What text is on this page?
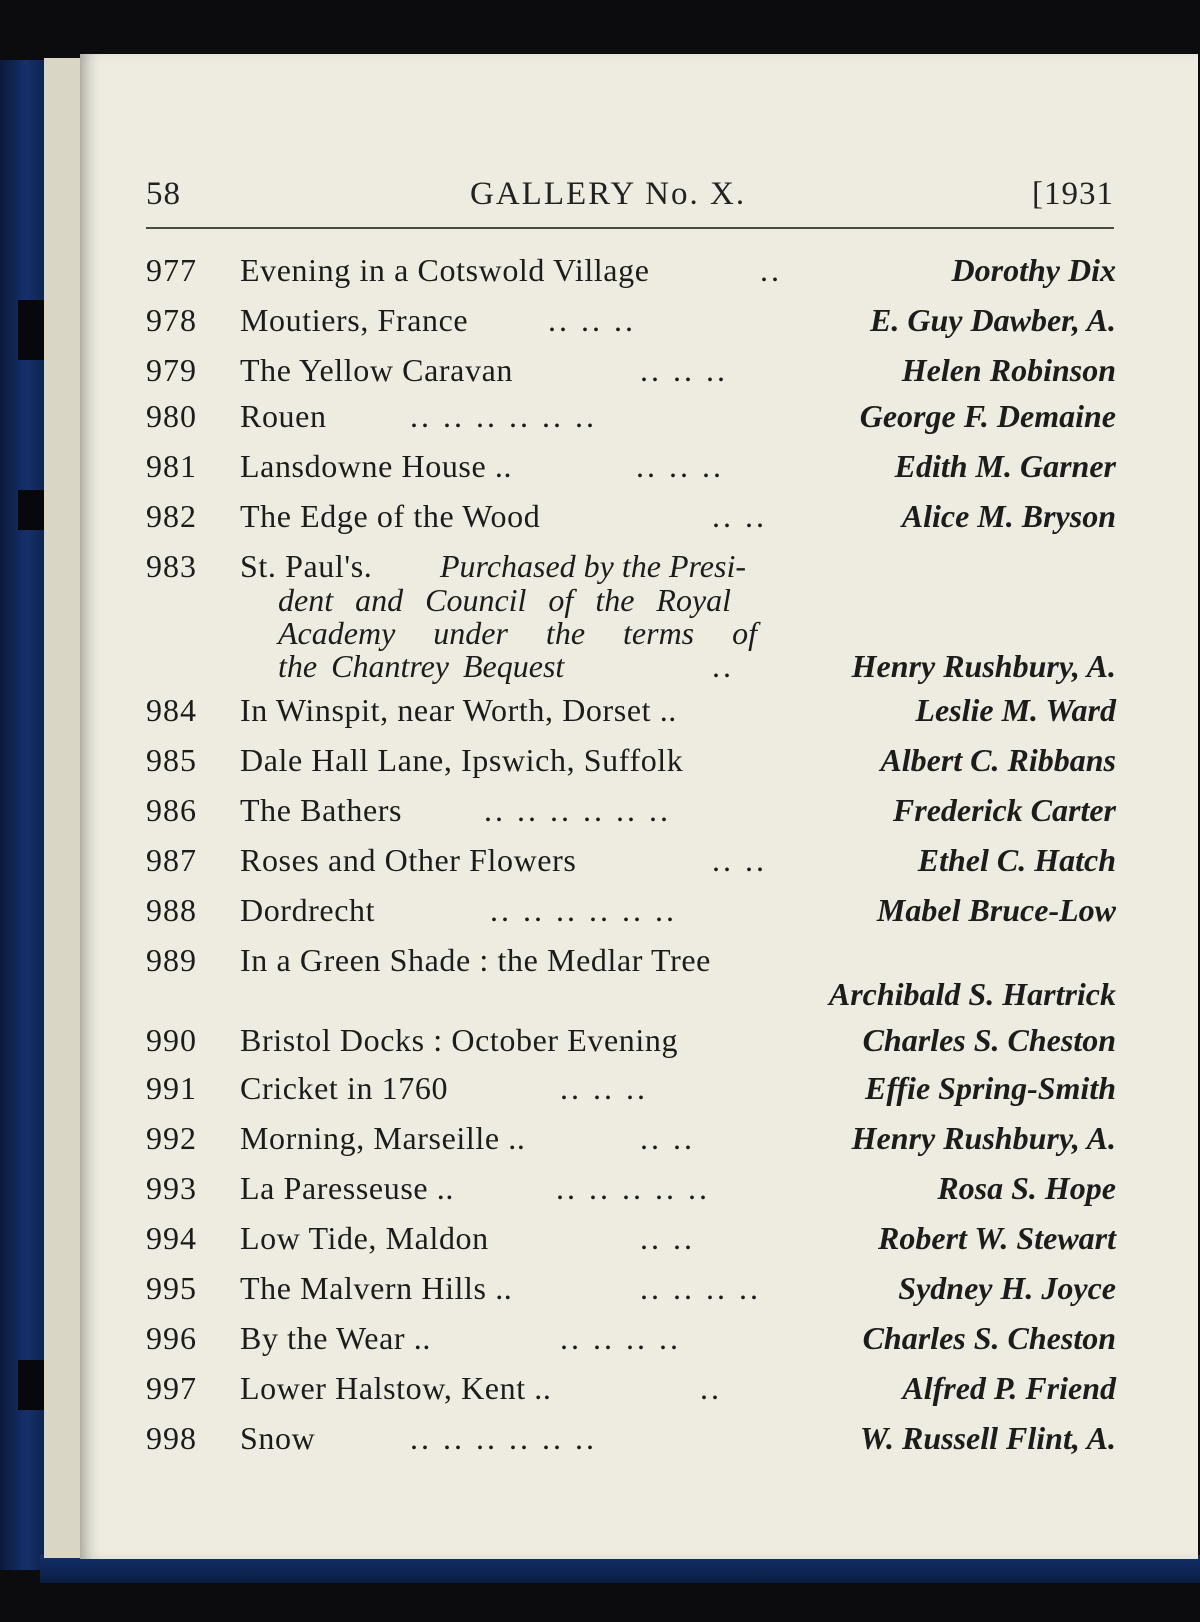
58	GALLERY No. X.	[1931
977 Evening in a Cotswold Village	..	Dorothy Dix
978 Moutiers, France .. .. ..	E. Guy Dawber, A.
979 The Yellow Caravan	.. .. ..	Helen Robinson
980 Rouen	.. .. .. .. .. ..	George F. Demaine
981 Lansdowne House ..	.. .. ..	Edith M. Garner
982 The Edge of the Wood	.. ..	Alice M. Bryson
983 St. Paul's. Purchased by the Presi-
dent and Council of the Royal
Academy under the terms of
the Chantrey Bequest	..	Henry Rushbury, A.
984 In Winspit, near Worth, Dorset ..	Leslie M. Ward
985 Dale Hall Lane, Ipswich, Suffolk	Albert C. Ribbans
986 The Bathers	.. .. .. .. .. ..	Frederick Carter
987 Roses and Other Flowers	.. ..	Ethel C. Hatch
988 Dordrecht	.. .. .. .. .. ..	Mabel Bruce-Low
989 In a Green Shade : the Medlar Tree
Archibald S. Hartrick
990 Bristol Docks : October Evening	Charles S. Cheston
991 Cricket in 1760	.. .. ..	Effie Spring-Smith
992 Morning, Marseille ..	.. ..	Henry Rushbury, A.
993 La Paresseuse ..	.. .. .. .. ..	Rosa S. Hope
994 Low Tide, Maldon	.. ..	Robert W. Stewart
995 The Malvern Hills ..	.. .. .. ..	Sydney H. Joyce
996 By the Wear ..	.. .. .. ..	Charles S. Cheston
997 Lower Halstow, Kent ..	..	Alfred P. Friend
998 Snow	.. .. .. .. .. ..	W. Russell Flint, A.
